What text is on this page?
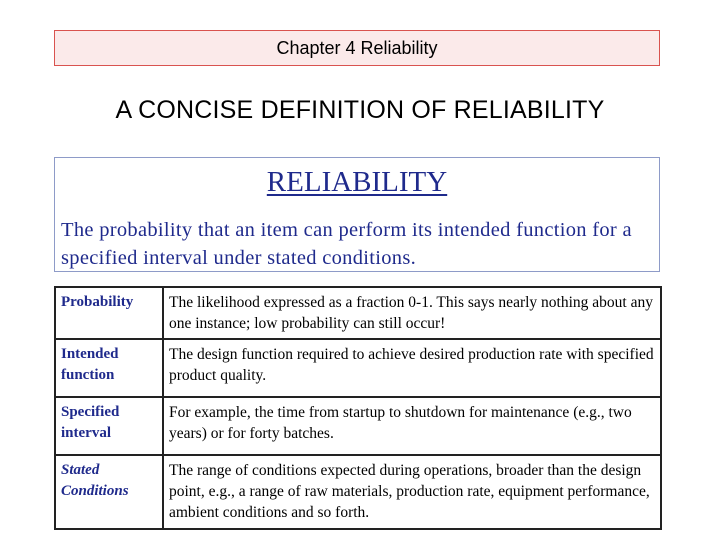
Chapter 4 Reliability
A CONCISE DEFINITION OF RELIABILITY
RELIABILITY
The probability that an item can perform its intended function for a specified interval under stated conditions.
Probability	The likelihood expressed as a fraction 0-1. This says nearly nothing about any one instance; low probability can still occur!
Intended function	The design function required to achieve desired production rate with specified product quality.
Specified interval	For example, the time from startup to shutdown for maintenance (e.g., two years) or for forty batches.
Stated Conditions	The range of conditions expected during operations, broader than the design point, e.g., a range of raw materials, production rate, equipment performance, ambient conditions and so forth.
